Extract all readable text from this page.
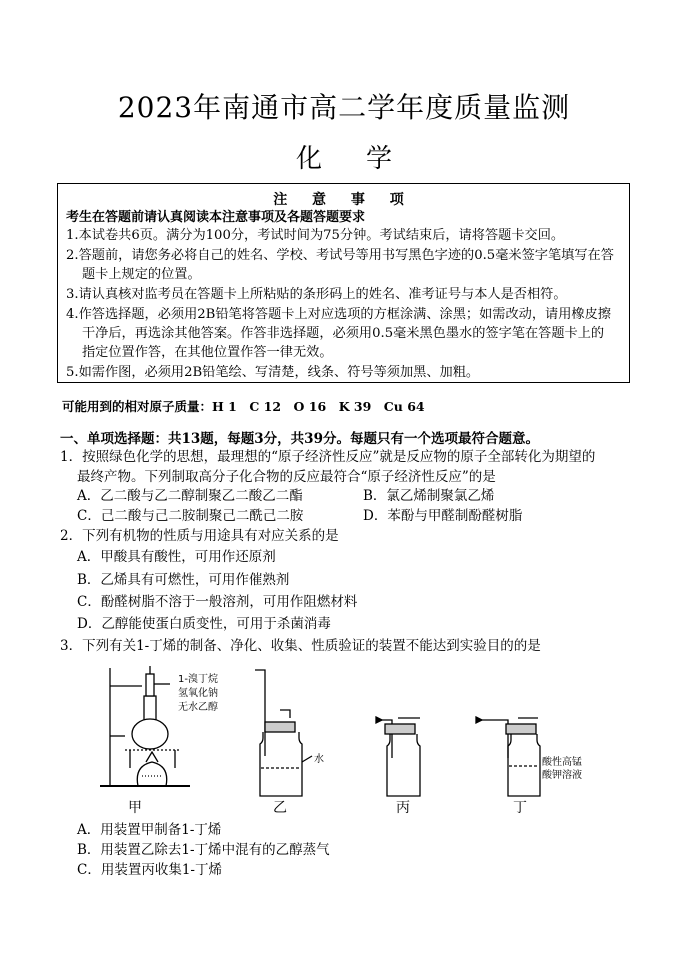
2023年南通市高二学年度质量监测
化 学
注 意 事 项
考生在答题前请认真阅读本注意事项及各题答题要求
1.本试卷共6页。满分为100分，考试时间为75分钟。考试结束后，请将答题卡交回。
2.答题前，请您务必将自己的姓名、学校、考试号等用书写黑色字迹的0.5毫米签字笔填写在答
题卡上规定的位置。
3.请认真核对监考员在答题卡上所粘贴的条形码上的姓名、准考证号与本人是否相符。
4.作答选择题，必须用2B铅笔将答题卡上对应选项的方框涂满、涂黑；如需改动，请用橡皮擦
干净后，再选涂其他答案。作答非选择题，必须用0.5毫米黑色墨水的签字笔在答题卡上的
指定位置作答，在其他位置作答一律无效。
5.如需作图，必须用2B铅笔绘、写清楚，线条、符号等须加黑、加粗。
可能用到的相对原子质量：H 1　C 12　O 16　K 39　Cu 64
一、单项选择题：共13题，每题3分，共39分。每题只有一个选项最符合题意。
1．按照绿色化学的思想，最理想的“原子经济性反应”就是反应物的原子全部转化为期望的
最终产物。下列制取高分子化合物的反应最符合“原子经济性反应”的是
A．乙二酸与乙二醇制聚乙二酸乙二酯	B．氯乙烯制聚氯乙烯
C．己二酸与己二胺制聚己二酰己二胺	D．苯酚与甲醛制酚醛树脂
2．下列有机物的性质与用途具有对应关系的是
A．甲酸具有酸性，可用作还原剂
B．乙烯具有可燃性，可用作催熟剂
C．酚醛树脂不溶于一般溶剂，可用作阻燃材料
D．乙醇能使蛋白质变性，可用于杀菌消毒
3．下列有关1-丁烯的制备、净化、收集、性质验证的装置不能达到实验目的的是
1-溴丁烷
氢氧化钠
无水乙醇
水	酸性高锰
酸钾溶液
甲	乙	丙	丁
A．用装置甲制备1-丁烯
B．用装置乙除去1-丁烯中混有的乙醇蒸气
C．用装置丙收集1-丁烯
